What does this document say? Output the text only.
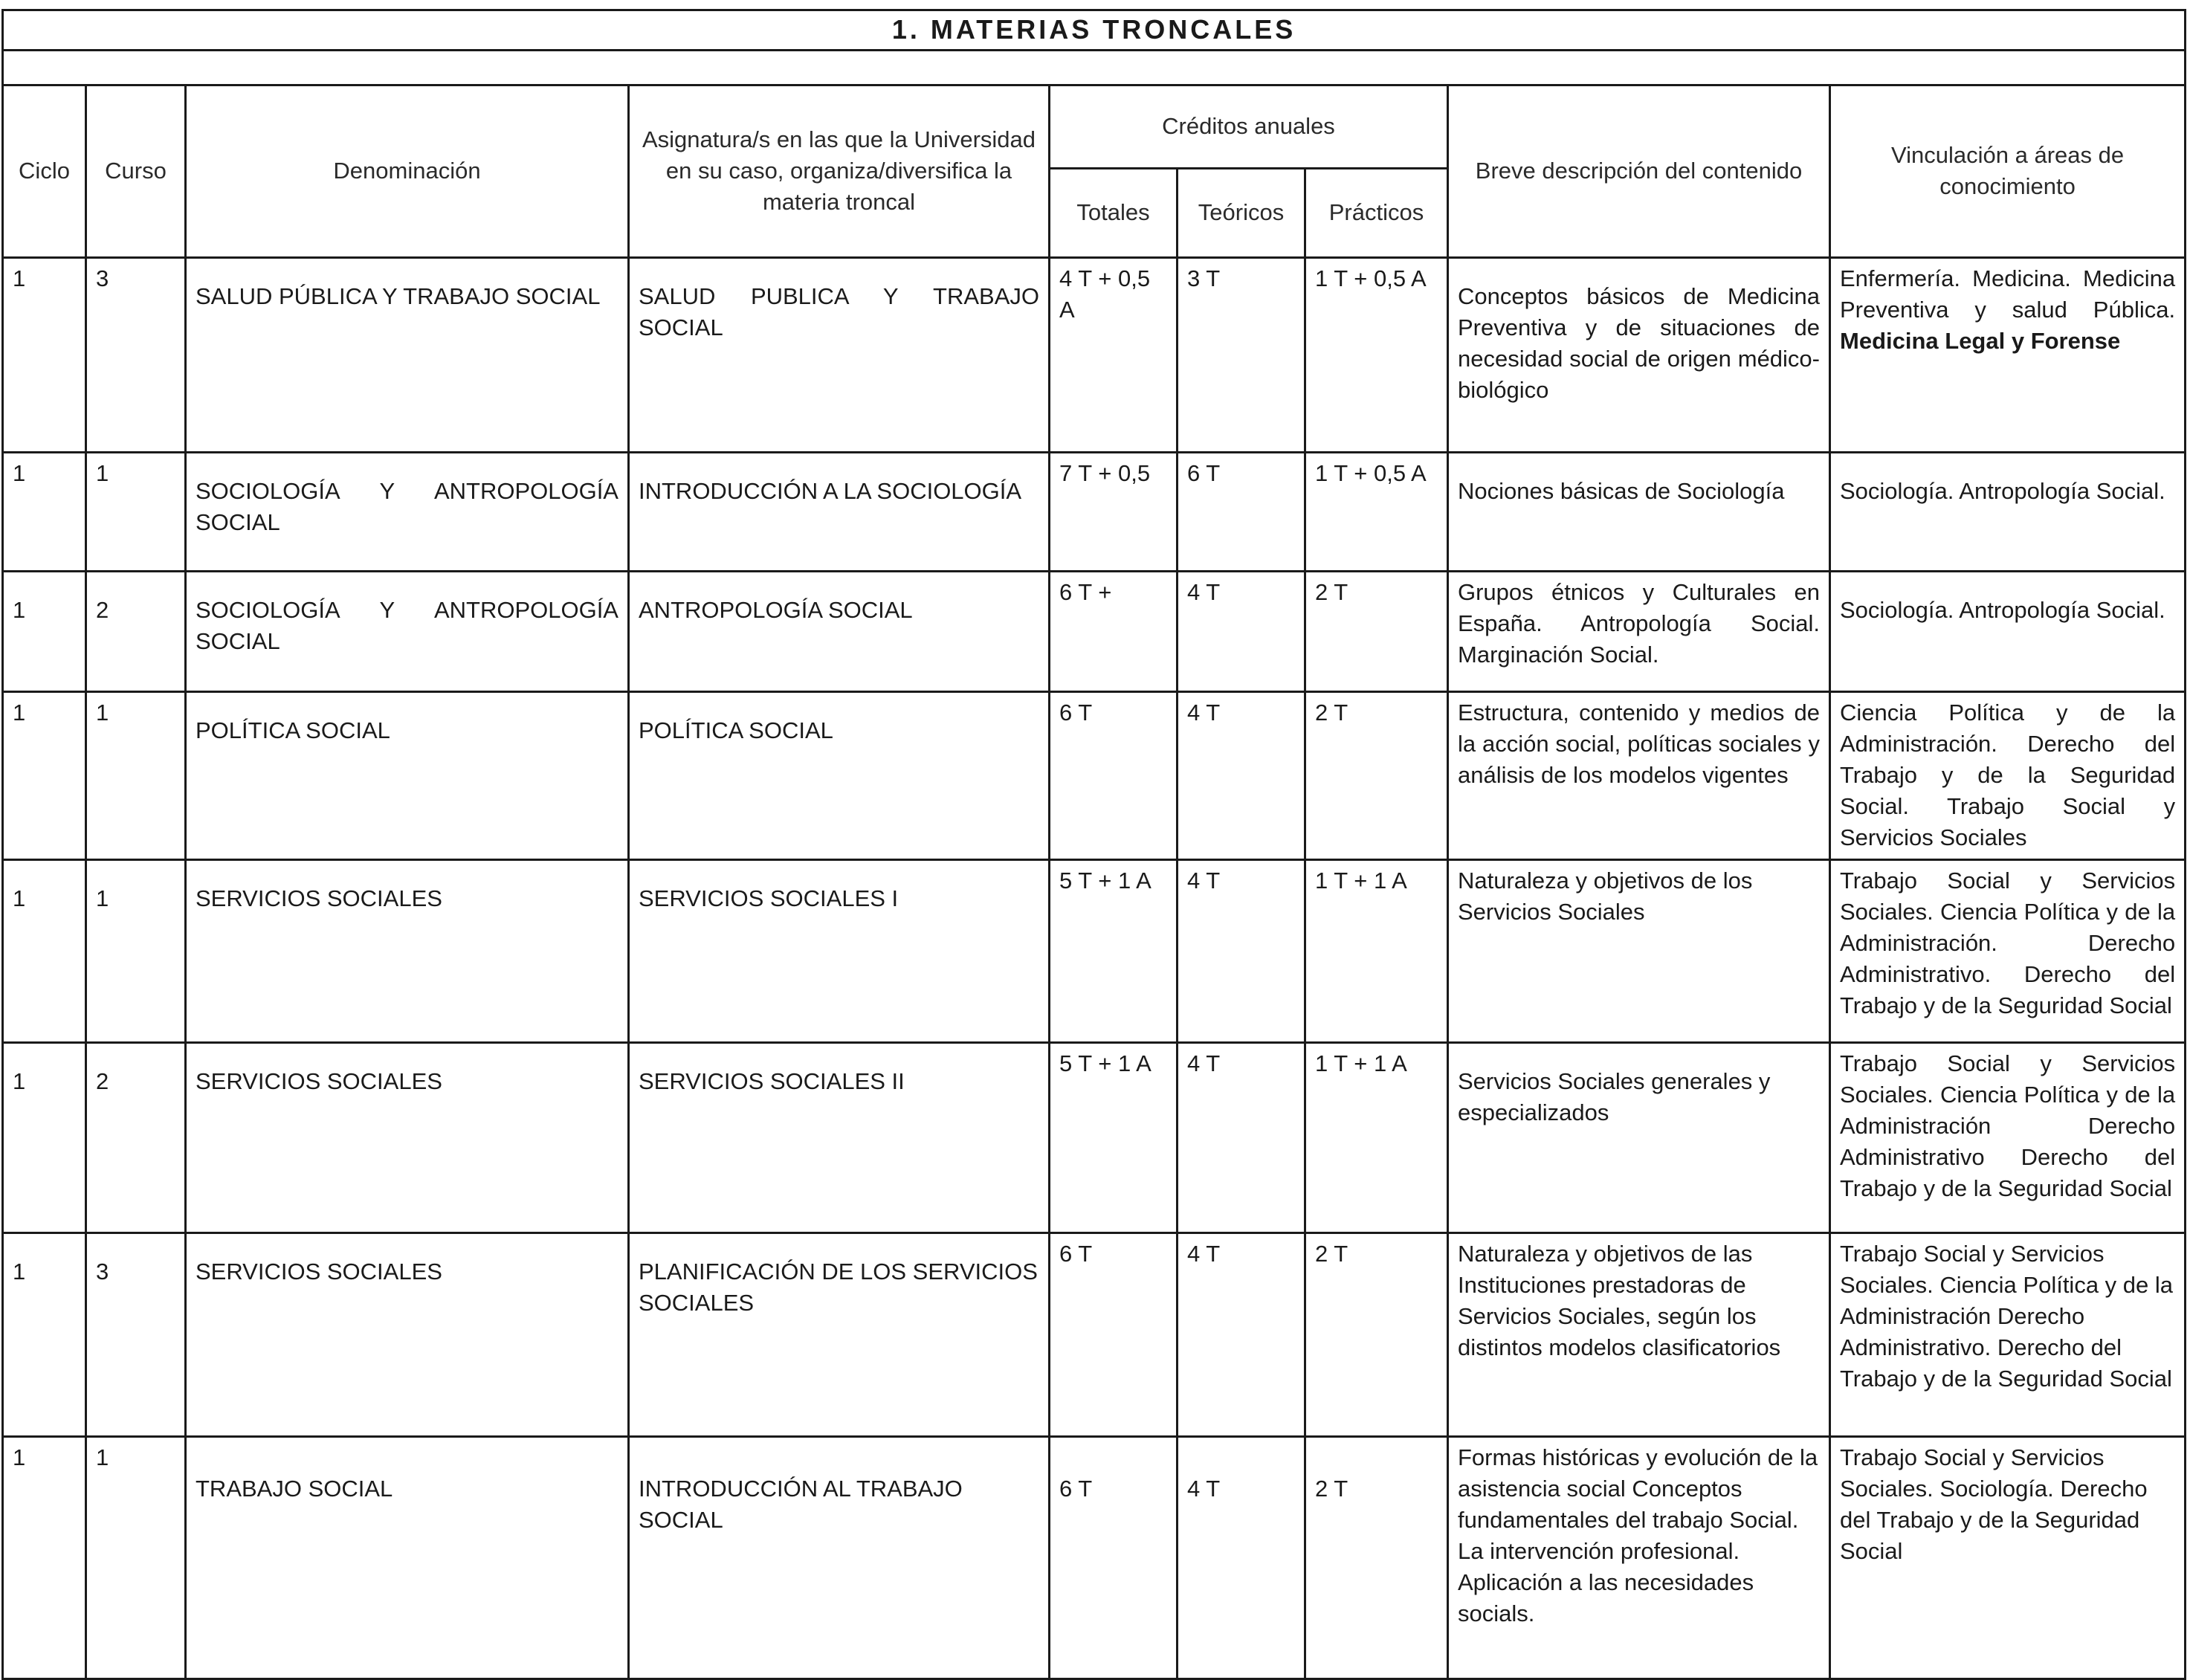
1. MATERIAS TRONCALES								

Ciclo	Curso	Denominación	Asignatura/s en las que la Universidad en su caso, organiza/diversifica la materia troncal	Créditos anuales			Breve descripción del contenido	Vinculación a áreas de conocimiento
				Totales	Teóricos	Prácticos		
1	3	SALUD PÚBLICA Y TRABAJO SOCIAL	SALUD PUBLICA Y TRABAJO SOCIAL	4 T + 0,5 A	3 T	1 T + 0,5 A	Conceptos básicos de Medicina Preventiva y de situaciones de necesidad social de origen médico-biológico	Enfermería. Medicina. Medicina Preventiva y salud Pública. Medicina Legal y Forense
1	1	SOCIOLOGÍA Y ANTROPOLOGÍA SOCIAL	INTRODUCCIÓN A LA SOCIOLOGÍA	7 T + 0,5	6 T	1 T + 0,5 A	Nociones básicas de Sociología	Sociología. Antropología Social.
1	2	SOCIOLOGÍA Y ANTROPOLOGÍA SOCIAL	ANTROPOLOGÍA SOCIAL	6 T +	4 T	2 T	Grupos étnicos y Culturales en España. Antropología Social. Marginación Social.	Sociología. Antropología Social.
1	1	POLÍTICA SOCIAL	POLÍTICA SOCIAL	6 T	4 T	2 T	Estructura, contenido y medios de la acción social, políticas sociales y análisis de los modelos vigentes	Ciencia Política y de la Administración. Derecho del Trabajo y de la Seguridad Social. Trabajo Social y Servicios Sociales
1	1	SERVICIOS SOCIALES	SERVICIOS SOCIALES I	5 T + 1 A	4 T	1 T + 1 A	Naturaleza y objetivos de los Servicios Sociales	Trabajo Social y Servicios Sociales. Ciencia Política y de la Administración. Derecho Administrativo. Derecho del Trabajo y de la Seguridad Social
1	2	SERVICIOS SOCIALES	SERVICIOS SOCIALES II	5 T + 1 A	4 T	1 T + 1 A	Servicios Sociales generales y especializados	Trabajo Social y Servicios Sociales. Ciencia Política y de la Administración Derecho Administrativo Derecho del Trabajo y de la Seguridad Social
1	3	SERVICIOS SOCIALES	PLANIFICACIÓN DE LOS SERVICIOS SOCIALES	6 T	4 T	2 T	Naturaleza y objetivos de las Instituciones prestadoras de Servicios Sociales, según los distintos modelos clasificatorios	Trabajo Social y Servicios Sociales. Ciencia Política y de la Administración Derecho Administrativo. Derecho del Trabajo y de la Seguridad Social
1	1	TRABAJO SOCIAL	INTRODUCCIÓN AL TRABAJO SOCIAL	6 T	4 T	2 T	Formas históricas y evolución de la asistencia social Conceptos fundamentales del trabajo Social. La intervención profesional. Aplicación a las necesidades socials.	Trabajo Social y Servicios Sociales. Sociología. Derecho del Trabajo y de la Seguridad Social
